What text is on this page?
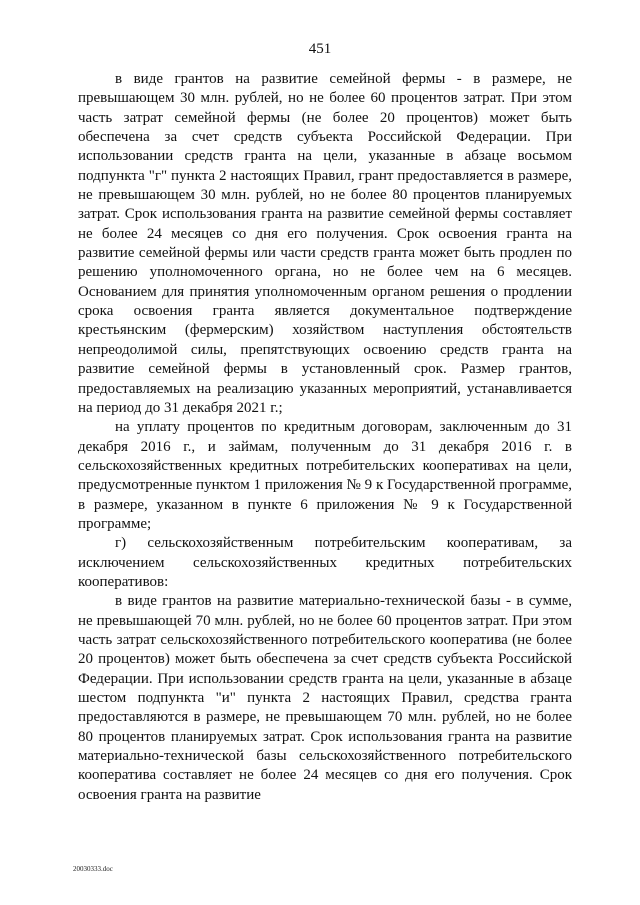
451

в виде грантов на развитие семейной фермы - в размере, не превышающем 30 млн. рублей, но не более 60 процентов затрат. При этом часть затрат семейной фермы (не более 20 процентов) может быть обеспечена за счет средств субъекта Российской Федерации. При использовании средств гранта на цели, указанные в абзаце восьмом подпункта "г" пункта 2 настоящих Правил, грант предоставляется в размере, не превышающем 30 млн. рублей, но не более 80 процентов планируемых затрат. Срок использования гранта на развитие семейной фермы составляет не более 24 месяцев со дня его получения. Срок освоения гранта на развитие семейной фермы или части средств гранта может быть продлен по решению уполномоченного органа, но не более чем на 6 месяцев. Основанием для принятия уполномоченным органом решения о продлении срока освоения гранта является документальное подтверждение крестьянским (фермерским) хозяйством наступления обстоятельств непреодолимой силы, препятствующих освоению средств гранта на развитие семейной фермы в установленный срок. Размер грантов, предоставляемых на реализацию указанных мероприятий, устанавливается на период до 31 декабря 2021 г.;

на уплату процентов по кредитным договорам, заключенным до 31 декабря 2016 г., и займам, полученным до 31 декабря 2016 г. в сельскохозяйственных кредитных потребительских кооперативах на цели, предусмотренные пунктом 1 приложения № 9 к Государственной программе, в размере, указанном в пункте 6 приложения № 9 к Государственной программе;

г) сельскохозяйственным потребительским кооперативам, за исключением сельскохозяйственных кредитных потребительских кооперативов:

в виде грантов на развитие материально-технической базы - в сумме, не превышающей 70 млн. рублей, но не более 60 процентов затрат. При этом часть затрат сельскохозяйственного потребительского кооператива (не более 20 процентов) может быть обеспечена за счет средств субъекта Российской Федерации. При использовании средств гранта на цели, указанные в абзаце шестом подпункта "и" пункта 2 настоящих Правил, средства гранта предоставляются в размере, не превышающем 70 млн. рублей, но не более 80 процентов планируемых затрат. Срок использования гранта на развитие материально-технической базы сельскохозяйственного потребительского кооператива составляет не более 24 месяцев со дня его получения. Срок освоения гранта на развитие

20030333.doc
